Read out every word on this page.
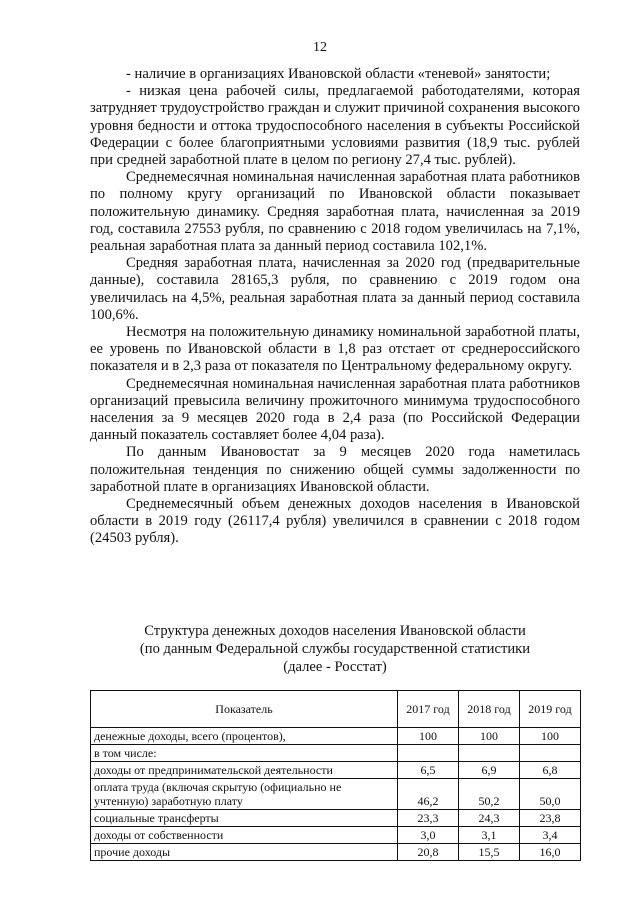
12

- наличие в организациях Ивановской области «теневой» занятости;

- низкая цена рабочей силы, предлагаемой работодателями, которая затрудняет трудоустройство граждан и служит причиной сохранения высокого уровня бедности и оттока трудоспособного населения в субъекты Российской Федерации с более благоприятными условиями развития (18,9 тыс. рублей при средней заработной плате в целом по региону 27,4 тыс. рублей).

Среднемесячная номинальная начисленная заработная плата работников по полному кругу организаций по Ивановской области показывает положительную динамику. Средняя заработная плата, начисленная за 2019 год, составила 27553 рубля, по сравнению с 2018 годом увеличилась на 7,1%, реальная заработная плата за данный период составила 102,1%.

Средняя заработная плата, начисленная за 2020 год (предварительные данные), составила 28165,3 рубля, по сравнению с 2019 годом она увеличилась на 4,5%, реальная заработная плата за данный период составила 100,6%.

Несмотря на положительную динамику номинальной заработной платы, ее уровень по Ивановской области в 1,8 раз отстает от среднероссийского показателя и в 2,3 раза от показателя по Центральному федеральному округу.

Среднемесячная номинальная начисленная заработная плата работников организаций превысила величину прожиточного минимума трудоспособного населения за 9 месяцев 2020 года в 2,4 раза (по Российской Федерации данный показатель составляет более 4,04 раза).

По данным Ивановостат за 9 месяцев 2020 года наметилась положительная тенденция по снижению общей суммы задолженности по заработной плате в организациях Ивановской области.

Среднемесячный объем денежных доходов населения в Ивановской области в 2019 году (26117,4 рубля) увеличился в сравнении с 2018 годом (24503 рубля).

Структура денежных доходов населения Ивановской области
(по данным Федеральной службы государственной статистики
(далее - Росстат)
Показатель	2017 год	2018 год	2019 год
денежные доходы, всего (процентов),	100	100	100
в том числе:			
доходы от предпринимательской деятельности	6,5	6,9	6,8
оплата труда (включая скрытую (официально не учтенную) заработную плату	46,2	50,2	50,0
социальные трансферты	23,3	24,3	23,8
доходы от собственности	3,0	3,1	3,4
прочие доходы	20,8	15,5	16,0
